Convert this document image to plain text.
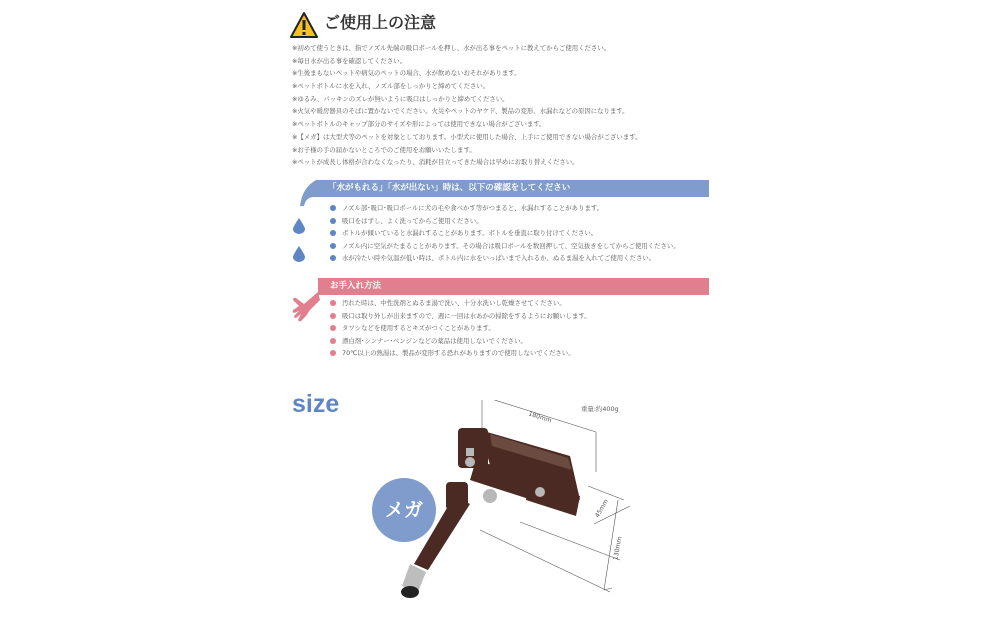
ご使用上の注意
※初めて使うときは、指でノズル先端の吸口ボールを押し、水が出る事をペットに教えてからご使用ください。
※毎日水が出る事を確認してください。
※生後まもないペットや病気のペットの場合、水が飲めないおそれがあります。
※ペットボトルに水を入れ、ノズル部をしっかりと締めてください。
※ゆるみ、パッキンのズレが無いように吸口はしっかりと締めてください。
※火気や暖房器具のそばに置かないでください。火災やペットのヤケド、製品の変形、水漏れなどの原因になります。
※ペットボトルのキャップ部分のサイズや形によっては使用できない場合がございます。
※【メガ】は大型犬等のペットを対象としております。小型犬に使用した場合、上手にご使用できない場合がございます。
※お子様の手の届かないところでのご使用をお願いいたします。
※ペットが成長し体格が合わなくなったり、消耗が目立ってきた場合は早めにお取り替えください。
「水がもれる」「水が出ない」時は、以下の確認をしてください
ノズル部･吸口･吸口ボールに犬の毛や食べかす等がつまると、水漏れすることがあります。
吸口をはずし、よく洗ってからご使用ください。
ボトルが傾いていると水漏れすることがあります。ボトルを垂直に取り付けてください。
ノズル内に空気がたまることがあります。その場合は吸口ボールを数回押して、空気抜きをしてからご使用ください。
水が冷たい時や気温が低い時は、ボトル内に水をいっぱいまで入れるか、ぬるま湯を入れてご使用ください。
お手入れ方法
汚れた時は、中性洗剤とぬるま湯で洗い、十分水洗いし乾燥させてください。
吸口は取り外しが出来ますので、週に一回は水あかの掃除をするようにお願いします。
タワシなどを使用するとキズがつくことがあります。
漂白剤･シンナー･ベンジンなどの薬品は使用しないでください。
70℃以上の熱湯は、製品が変形する恐れがありますので使用しないでください。
size	重量:約400g
180mm
45mm
130mm
メガ
